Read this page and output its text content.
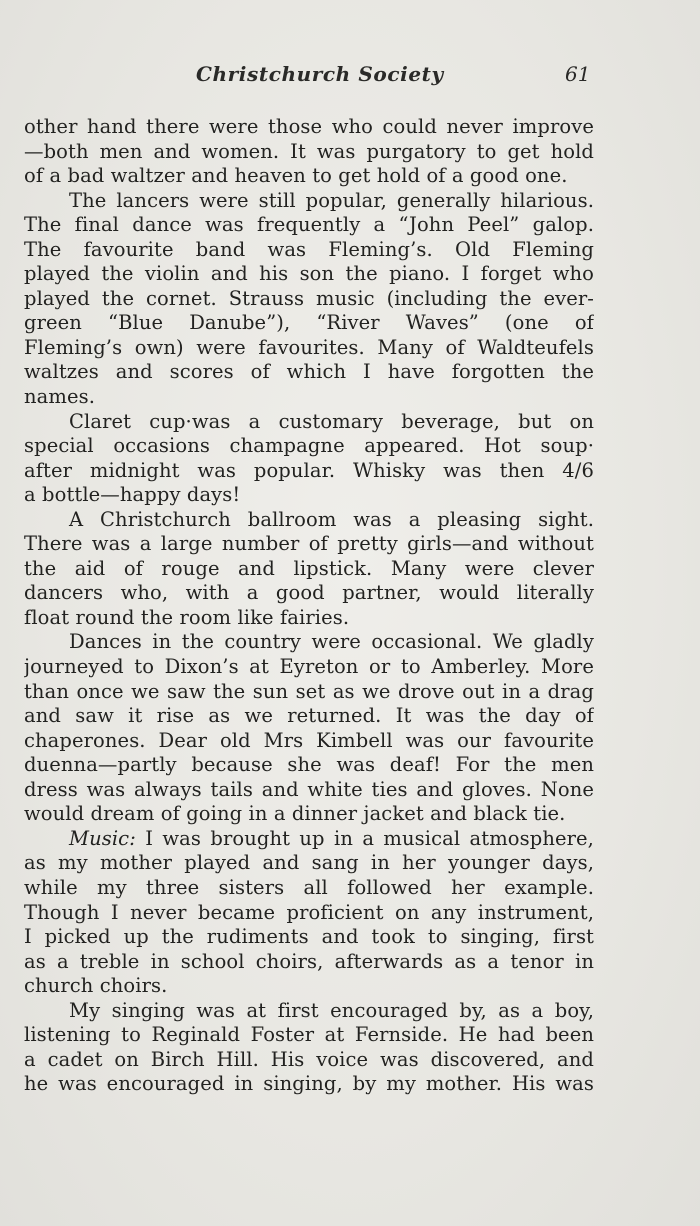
Christchurch Society	61
other hand there were those who could never improve
—both men and women. It was purgatory to get hold
of a bad waltzer and heaven to get hold of a good one.
The lancers were still popular, generally hilarious.
The final dance was frequently a “John Peel” galop.
The favourite band was Fleming’s. Old Fleming
played the violin and his son the piano. I forget who
played the cornet. Strauss music (including the ever-
green “Blue Danube”), “River Waves” (one of
Fleming’s own) were favourites. Many of Waldteufels
waltzes and scores of which I have forgotten the
names.
Claret cup·was a customary beverage, but on
special occasions champagne appeared. Hot soup·
after midnight was popular. Whisky was then 4/6
a bottle—happy days!
A Christchurch ballroom was a pleasing sight.
There was a large number of pretty girls—and without
the aid of rouge and lipstick. Many were clever
dancers who, with a good partner, would literally
float round the room like fairies.
Dances in the country were occasional. We gladly
journeyed to Dixon’s at Eyreton or to Amberley. More
than once we saw the sun set as we drove out in a drag
and saw it rise as we returned. It was the day of
chaperones. Dear old Mrs Kimbell was our favourite
duenna—partly because she was deaf! For the men
dress was always tails and white ties and gloves. None
would dream of going in a dinner jacket and black tie.
Music: I was brought up in a musical atmosphere,
as my mother played and sang in her younger days,
while my three sisters all followed her example.
Though I never became proficient on any instrument,
I picked up the rudiments and took to singing, first
as a treble in school choirs, afterwards as a tenor in
church choirs.
My singing was at first encouraged by, as a boy,
listening to Reginald Foster at Fernside. He had been
a cadet on Birch Hill. His voice was discovered, and
he was encouraged in singing, by my mother. His was
